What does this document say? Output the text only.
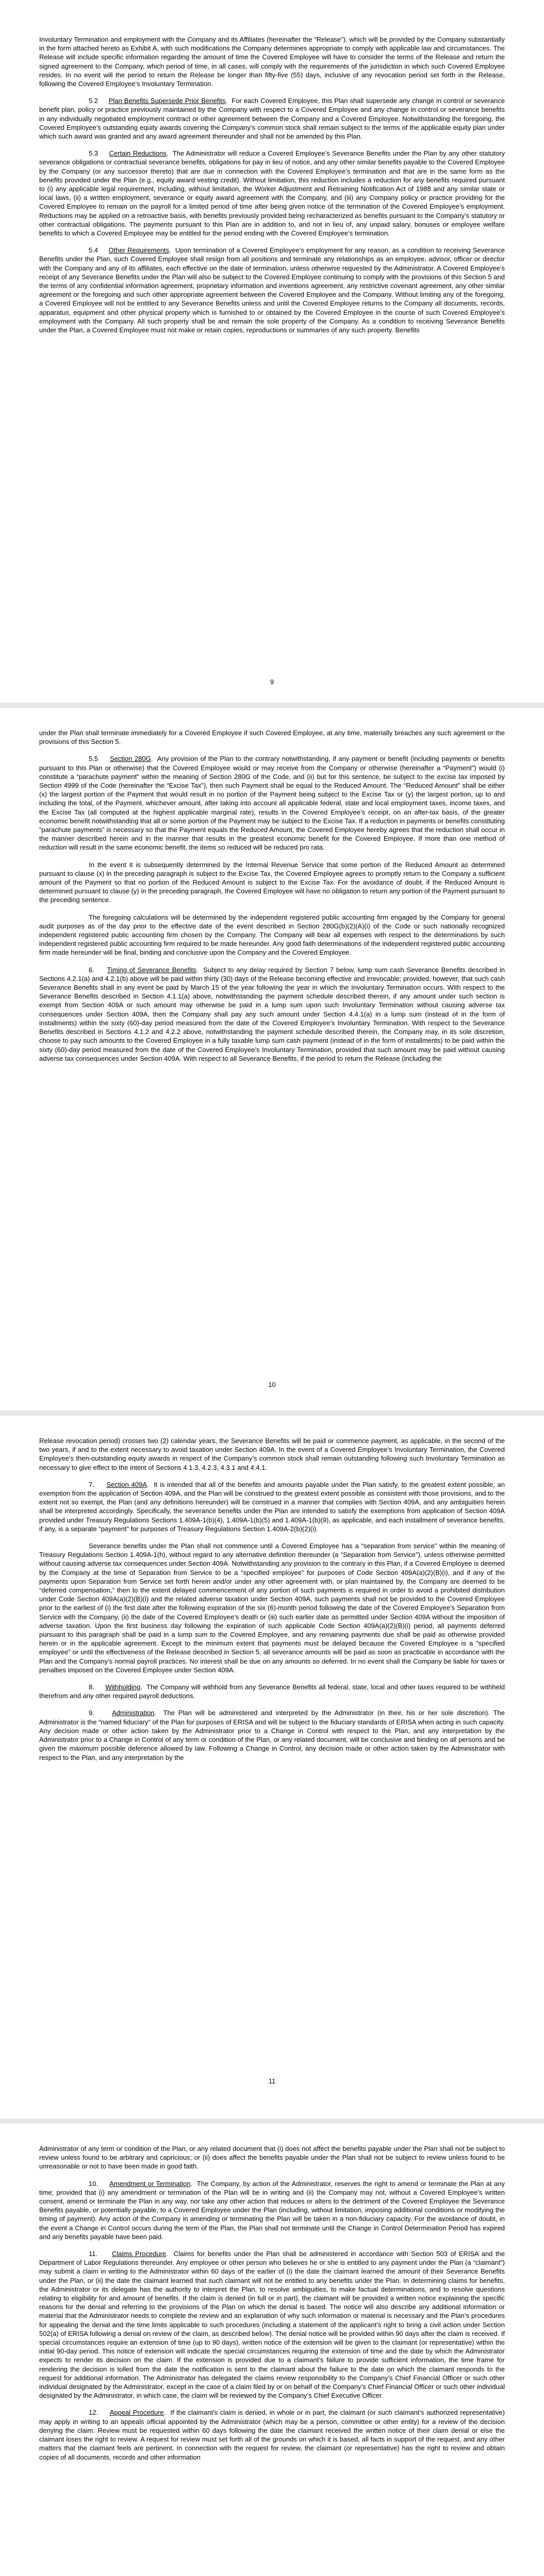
Involuntary Termination and employment with the Company and its Affiliates (hereinafter the “Release”), which will be provided by the Company substantially in the form attached hereto as Exhibit A, with such modifications the Company determines appropriate to comply with applicable law and circumstances. The Release will include specific information regarding the amount of time the Covered Employee will have to consider the terms of the Release and return the signed agreement to the Company, which period of time, in all cases, will comply with the requirements of the jurisdiction in which such Covered Employee resides. In no event will the period to return the Release be longer than fifty-five (55) days, inclusive of any revocation period set forth in the Release, following the Covered Employee’s Involuntary Termination.

5.2 Plan Benefits Supersede Prior Benefits.  For each Covered Employee, this Plan shall supersede any change in control or severance benefit plan, policy or practice previously maintained by the Company with respect to a Covered Employee and any change in control or severance benefits in any individually negotiated employment contract or other agreement between the Company and a Covered Employee. Notwithstanding the foregoing, the Covered Employee’s outstanding equity awards covering the Company’s common stock shall remain subject to the terms of the applicable equity plan under which such award was granted and any award agreement thereunder and shall not be amended by this Plan.

5.3 Certain Reductions.  The Administrator will reduce a Covered Employee’s Severance Benefits under the Plan by any other statutory severance obligations or contractual severance benefits, obligations for pay in lieu of notice, and any other similar benefits payable to the Covered Employee by the Company (or any successor thereto) that are due in connection with the Covered Employee’s termination and that are in the same form as the benefits provided under the Plan (e.g., equity award vesting credit). Without limitation, this reduction includes a reduction for any benefits required pursuant to (i) any applicable legal requirement, including, without limitation, the Worker Adjustment and Retraining Notification Act of 1988 and any similar state or local laws, (ii) a written employment, severance or equity award agreement with the Company, and (iii) any Company policy or practice providing for the Covered Employee to remain on the payroll for a limited period of time after being given notice of the termination of the Covered Employee’s employment. Reductions may be applied on a retroactive basis, with benefits previously provided being recharacterized as benefits pursuant to the Company’s statutory or other contractual obligations. The payments pursuant to this Plan are in addition to, and not in lieu of, any unpaid salary, bonuses or employee welfare benefits to which a Covered Employee may be entitled for the period ending with the Covered Employee’s termination.

5.4 Other Requirements.  Upon termination of a Covered Employee’s employment for any reason, as a condition to receiving Severance Benefits under the Plan, such Covered Employee shall resign from all positions and terminate any relationships as an employee, advisor, officer or director with the Company and any of its affiliates, each effective on the date of termination, unless otherwise requested by the Administrator. A Covered Employee’s receipt of any Severance Benefits under the Plan will also be subject to the Covered Employee continuing to comply with the provisions of this Section 5 and the terms of any confidential information agreement, proprietary information and inventions agreement, any restrictive covenant agreement, any other similar agreement or the foregoing and such other appropriate agreement between the Covered Employee and the Company. Without limiting any of the foregoing, a Covered Employee will not be entitled to any Severance Benefits unless and until the Covered Employee returns to the Company all documents, records, apparatus, equipment and other physical property which is furnished to or obtained by the Covered Employee in the course of such Covered Employee’s employment with the Company. All such property shall be and remain the sole property of the Company. As a condition to receiving Severance Benefits under the Plan, a Covered Employee must not make or retain copies, reproductions or summaries of any such property. Benefits

9

under the Plan shall terminate immediately for a Covered Employee if such Covered Employee, at any time, materially breaches any such agreement or the provisions of this Section 5.

5.5 Section 280G.  Any provision of the Plan to the contrary notwithstanding, if any payment or benefit (including payments or benefits pursuant to this Plan or otherwise) that the Covered Employee would or may receive from the Company or otherwise (hereinafter a “Payment”) would (i) constitute a “parachute payment” within the meaning of Section 280G of the Code, and (ii) but for this sentence, be subject to the excise tax imposed by Section 4999 of the Code (hereinafter the “Excise Tax”), then such Payment shall be equal to the Reduced Amount. The “Reduced Amount” shall be either (x) the largest portion of the Payment that would result in no portion of the Payment being subject to the Excise Tax or (y) the largest portion, up to and including the total, of the Payment, whichever amount, after taking into account all applicable federal, state and local employment taxes, income taxes, and the Excise Tax (all computed at the highest applicable marginal rate), results in the Covered Employee’s receipt, on an after-tax basis, of the greater economic benefit notwithstanding that all or some portion of the Payment may be subject to the Excise Tax. If a reduction in payments or benefits constituting “parachute payments” is necessary so that the Payment equals the Reduced Amount, the Covered Employee hereby agrees that the reduction shall occur in the manner described herein and in the manner that results in the greatest economic benefit for the Covered Employee. If more than one method of reduction will result in the same economic benefit, the items so reduced will be reduced pro rata.

In the event it is subsequently determined by the Internal Revenue Service that some portion of the Reduced Amount as determined pursuant to clause (x) in the preceding paragraph is subject to the Excise Tax, the Covered Employee agrees to promptly return to the Company a sufficient amount of the Payment so that no portion of the Reduced Amount is subject to the Excise Tax. For the avoidance of doubt, if the Reduced Amount is determined pursuant to clause (y) in the preceding paragraph, the Covered Employee will have no obligation to return any portion of the Payment pursuant to the preceding sentence.

The foregoing calculations will be determined by the independent registered public accounting firm engaged by the Company for general audit purposes as of the day prior to the effective date of the event described in Section 280G(b)(2)(A)(i) of the Code or such nationally recognized independent registered public accounting firm chosen by the Company. The Company will bear all expenses with respect to the determinations by such independent registered public accounting firm required to be made hereunder. Any good faith determinations of the independent registered public accounting firm made hereunder will be final, binding and conclusive upon the Company and the Covered Employee.

6. Timing of Severance Benefits.  Subject to any delay required by Section 7 below, lump sum cash Severance Benefits described in Sections 4.2.1(a) and 4.2.1(b) above will be paid within thirty (30) days of the Release becoming effective and irrevocable; provided, however, that such cash Severance Benefits shall in any event be paid by March 15 of the year following the year in which the Involuntary Termination occurs. With respect to the Severance Benefits described in Section 4.1.1(a) above, notwithstanding the payment schedule described therein, if any amount under such section is exempt from Section 409A or such amount may otherwise be paid in a lump sum upon such Involuntary Termination without causing adverse tax consequences under Section 409A, then the Company shall pay any such amount under Section 4.4.1(a) in a lump sum (instead of in the form of installments) within the sixty (60)-day period measured from the date of the Covered Employee’s Involuntary Termination. With respect to the Severance Benefits described in Sections 4.1.2 and 4.2.2 above, notwithstanding the payment schedule described therein, the Company may, in its sole discretion, choose to pay such amounts to the Covered Employee in a fully taxable lump sum cash payment (instead of in the form of installments) to be paid within the sixty (60)-day period measured from the date of the Covered Employee’s Involuntary Termination, provided that such amount may be paid without causing adverse tax consequences under Section 409A. With respect to all Severance Benefits, if the period to return the Release (including the

10

Release revocation period) crosses two (2) calendar years, the Severance Benefits will be paid or commence payment, as applicable, in the second of the two years, if and to the extent necessary to avoid taxation under Section 409A. In the event of a Covered Employee’s Involuntary Termination, the Covered Employee’s then-outstanding equity awards in respect of the Company’s common stock shall remain outstanding following such Involuntary Termination as necessary to give effect to the intent of Sections 4.1.3, 4.2.3, 4.3.1 and 4.4.1.

7. Section 409A.  It is intended that all of the benefits and amounts payable under the Plan satisfy, to the greatest extent possible, an exemption from the application of Section 409A, and the Plan will be construed to the greatest extent possible as consistent with those provisions, and to the extent not so exempt, the Plan (and any definitions hereunder) will be construed in a manner that complies with Section 409A, and any ambiguities herein shall be interpreted accordingly. Specifically, the severance benefits under the Plan are intended to satisfy the exemptions from application of Section 409A provided under Treasury Regulations Sections 1.409A-1(b)(4), 1.409A-1(b)(5) and 1.409A-1(b)(9), as applicable, and each installment of severance benefits, if any, is a separate “payment” for purposes of Treasury Regulations Section 1.409A-2(b)(2)(i).

Severance benefits under the Plan shall not commence until a Covered Employee has a “separation from service” within the meaning of Treasury Regulations Section 1.409A-1(h), without regard to any alternative definition thereunder (a “Separation from Service”), unless otherwise permitted without causing adverse tax consequences under Section 409A. Notwithstanding any provision to the contrary in this Plan, if a Covered Employee is deemed by the Company at the time of Separation from Service to be a “specified employee” for purposes of Code Section 409A(a)(2)(B)(i), and if any of the payments upon Separation from Service set forth herein and/or under any other agreement with, or plan maintained by, the Company are deemed to be “deferred compensation,” then to the extent delayed commencement of any portion of such payments is required in order to avoid a prohibited distribution under Code Section 409A(a)(2)(B)(i) and the related adverse taxation under Section 409A, such payments shall not be provided to the Covered Employee prior to the earliest of (i) the first date after the following expiration of the six (6)-month period following the date of the Covered Employee’s Separation from Service with the Company, (ii) the date of the Covered Employee’s death or (iii) such earlier date as permitted under Section 409A without the imposition of adverse taxation. Upon the first business day following the expiration of such applicable Code Section 409A(a)(2)(B)(i) period, all payments deferred pursuant to this paragraph shall be paid in a lump sum to the Covered Employee, and any remaining payments due shall be paid as otherwise provided herein or in the applicable agreement. Except to the minimum extent that payments must be delayed because the Covered Employee is a “specified employee” or until the effectiveness of the Release described in Section 5, all severance amounts will be paid as soon as practicable in accordance with the Plan and the Company’s normal payroll practices. No interest shall be due on any amounts so deferred. In no event shall the Company be liable for taxes or penalties imposed on the Covered Employee under Section 409A.

8. Withholding.  The Company will withhold from any Severance Benefits all federal, state, local and other taxes required to be withheld therefrom and any other required payroll deductions.

9.	Administration.  The Plan will be administered and interpreted by the Administrator (in their, his or her sole discretion). The Administrator is the “named fiduciary” of the Plan for purposes of ERISA and will be subject to the fiduciary standards of ERISA when acting in such capacity. Any decision made or other action taken by the Administrator prior to a Change in Control with respect to the Plan, and any interpretation by the Administrator prior to a Change in Control of any term or condition of the Plan, or any related document, will be conclusive and binding on all persons and be given the maximum possible deference allowed by law. Following a Change in Control, any decision made or other action taken by the Administrator with respect to the Plan, and any interpretation by the

11

Administrator of any term or condition of the Plan, or any related document that (i) does not affect the benefits payable under the Plan shall not be subject to review unless found to be arbitrary and capricious; or (ii) does affect the benefits payable under the Plan shall not be subject to review unless found to be unreasonable or not to have been made in good faith.

10. Amendment or Termination.  The Company, by action of the Administrator, reserves the right to amend or terminate the Plan at any time; provided that (i) any amendment or termination of the Plan will be in writing and (ii) the Company may not, without a Covered Employee’s written consent, amend or terminate the Plan in any way, nor take any other action that reduces or alters to the detriment of the Covered Employee the Severance Benefits payable, or potentially payable, to a Covered Employee under the Plan (including, without limitation, imposing additional conditions or modifying the timing of payment). Any action of the Company in amending or terminating the Plan will be taken in a non-fiduciary capacity. For the avoidance of doubt, in the event a Change in Control occurs during the term of the Plan, the Plan shall not terminate until the Change in Control Determination Period has expired and any benefits payable have been paid.

11. Claims Procedure.  Claims for benefits under the Plan shall be administered in accordance with Section 503 of ERISA and the Department of Labor Regulations thereunder. Any employee or other person who believes he or she is entitled to any payment under the Plan (a “claimant”) may submit a claim in writing to the Administrator within 60 days of the earlier of (i) the date the claimant learned the amount of their Severance Benefits under the Plan, or (ii) the date the claimant learned that such claimant will not be entitled to any benefits under the Plan. In determining claims for benefits, the Administrator or its delegate has the authority to interpret the Plan, to resolve ambiguities, to make factual determinations, and to resolve questions relating to eligibility for and amount of benefits. If the claim is denied (in full or in part), the claimant will be provided a written notice explaining the specific reasons for the denial and referring to the provisions of the Plan on which the denial is based. The notice will also describe any additional information or material that the Administrator needs to complete the review and an explanation of why such information or material is necessary and the Plan’s procedures for appealing the denial and the time limits applicable to such procedures (including a statement of the applicant’s right to bring a civil action under Section 502(a) of ERISA following a denial on review of the claim, as described below). The denial notice will be provided within 90 days after the claim is received. If special circumstances require an extension of time (up to 90 days), written notice of the extension will be given to the claimant (or representative) within the initial 90-day period. This notice of extension will indicate the special circumstances requiring the extension of time and the date by which the Administrator expects to render its decision on the claim. If the extension is provided due to a claimant’s failure to provide sufficient information, the time frame for rendering the decision is tolled from the date the notification is sent to the claimant about the failure to the date on which the claimant responds to the request for additional information. The Administrator has delegated the claims review responsibility to the Company’s Chief Financial Officer or such other individual designated by the Administrator, except in the case of a claim filed by or on behalf of the Company’s Chief Financial Officer or such other individual designated by the Administrator, in which case, the claim will be reviewed by the Company’s Chief Executive Officer.

12. Appeal Procedure.  If the claimant’s claim is denied, in whole or in part, the claimant (or such claimant’s authorized representative) may apply in writing to an appeals official appointed by the Administrator (which may be a person, committee or other entity) for a review of the decision denying the claim. Review must be requested within 60 days following the date the claimant received the written notice of their claim denial or else the claimant loses the right to review. A request for review must set forth all of the grounds on which it is based, all facts in support of the request, and any other matters that the claimant feels are pertinent. In connection with the request for review, the claimant (or representative) has the right to review and obtain copies of all documents, records and other information
